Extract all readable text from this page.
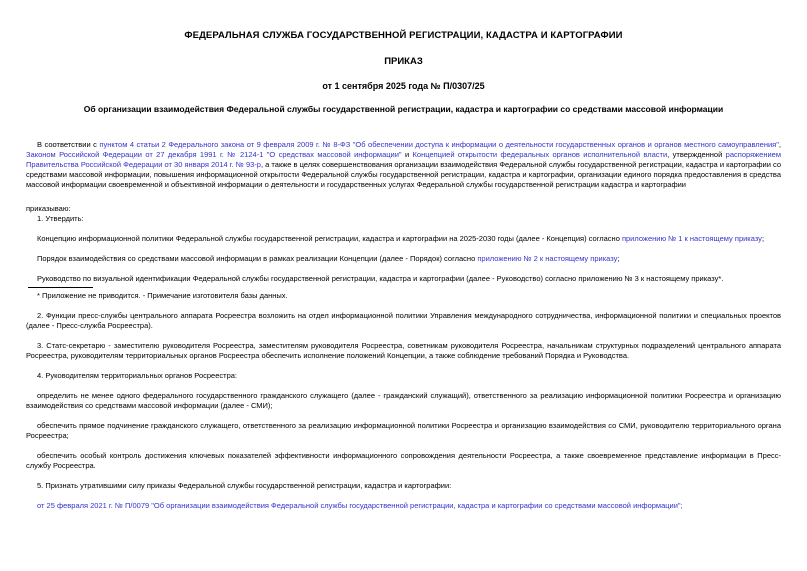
ФЕДЕРАЛЬНАЯ СЛУЖБА ГОСУДАРСТВЕННОЙ РЕГИСТРАЦИИ, КАДАСТРА И КАРТОГРАФИИ
ПРИКАЗ
от 1 сентября 2025 года № П/0307/25
Об организации взаимодействия Федеральной службы государственной регистрации, кадастра и картографии со средствами массовой информации

В соответствии с пунктом 4 статьи 2 Федерального закона от 9 февраля 2009 г. № 8-ФЗ "Об обеспечении доступа к информации о деятельности государственных органов и органов местного самоуправления", Законом Российской Федерации от 27 декабря 1991 г. № 2124-1 "О средствах массовой информации" и Концепцией открытости федеральных органов исполнительной власти, утвержденной распоряжением Правительства Российской Федерации от 30 января 2014 г. № 93-р, а также в целях совершенствования организации взаимодействия Федеральной службы государственной регистрации, кадастра и картографии со средствами массовой информации, повышения информационной открытости Федеральной службы государственной регистрации, кадастра и картографии, организации единого порядка предоставления в средства массовой информации своевременной и объективной информации о деятельности и государственных услугах Федеральной службы государственной регистрации кадастра и картографии

приказываю:

1. Утвердить:

Концепцию информационной политики Федеральной службы государственной регистрации, кадастра и картографии на 2025-2030 годы (далее - Концепция) согласно приложению № 1 к настоящему приказу;

Порядок взаимодействия со средствами массовой информации в рамках реализации Концепции (далее - Порядок) согласно приложению № 2 к настоящему приказу;

Руководство по визуальной идентификации Федеральной службы государственной регистрации, кадастра и картографии (далее - Руководство) согласно приложению № 3 к настоящему приказу*.

* Приложение не приводится. - Примечание изготовителя базы данных.

2. Функции пресс-службы центрального аппарата Росреестра возложить на отдел информационной политики Управления международного сотрудничества, информационной политики и специальных проектов (далее - Пресс-служба Росреестра).

3. Статс-секретарю - заместителю руководителя Росреестра, заместителям руководителя Росреестра, советникам руководителя Росреестра, начальникам структурных подразделений центрального аппарата Росреестра, руководителям территориальных органов Росреестра обеспечить исполнение положений Концепции, а также соблюдение требований Порядка и Руководства.

4. Руководителям территориальных органов Росреестра:

определить не менее одного федерального государственного гражданского служащего (далее - гражданский служащий), ответственного за реализацию информационной политики Росреестра и организацию взаимодействия со средствами массовой информации (далее - СМИ);

обеспечить прямое подчинение гражданского служащего, ответственного за реализацию информационной политики Росреестра и организацию взаимодействия со СМИ, руководителю территориального органа Росреестра;

обеспечить особый контроль достижения ключевых показателей эффективности информационного сопровождения деятельности Росреестра, а также своевременное представление информации в Пресс-службу Росреестра.

5. Признать утратившими силу приказы Федеральной службы государственной регистрации, кадастра и картографии:

от 25 февраля 2021 г. № П/0079 "Об организации взаимодействия Федеральной службы государственной регистрации, кадастра и картографии со средствами массовой информации";
